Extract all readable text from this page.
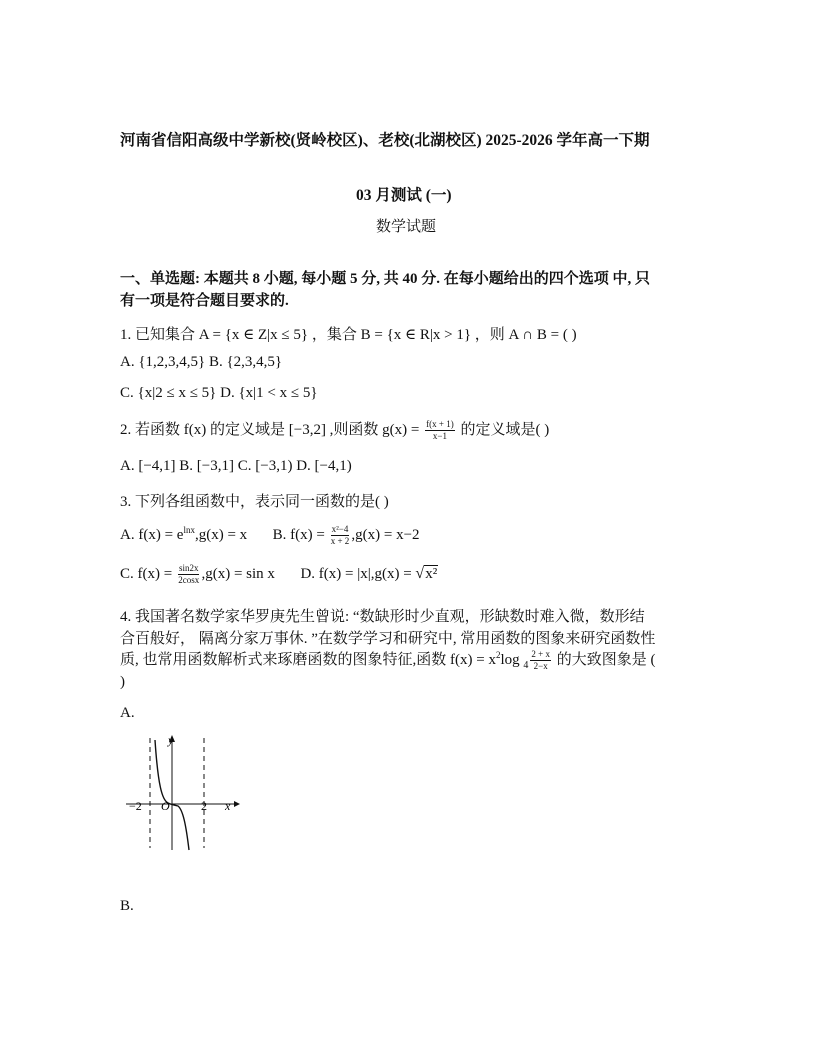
河南省信阳高级中学新校(贤岭校区)、老校(北湖校区) 2025-2026 学年高一下期
03 月测试 (一)
数学试题
一、单选题: 本题共 8 小题, 每小题 5 分, 共 40 分. 在每小题给出的四个选项 中, 只
有一项是符合题目要求的.
1. 已知集合 A = {x ∈ Z|x ≤ 5} ，集合 B = {x ∈ R|x > 1} ，则 A ∩ B = ( )
A. {1,2,3,4,5} B. {2,3,4,5}
C. {x|2 ≤ x ≤ 5} D. {x|1 < x ≤ 5}
2. 若函数 f(x) 的定义域是 [−3,2] ,则函数 $g(x) = \frac{f(x + 1)}{x-1}$ 的定义域是( )
A. [−4,1] B. [−3,1] C. [−3,1) D. [−4,1)
3. 下列各组函数中，表示同一函数的是( )
A. $f(x) = e^{lnx},g(x) = x$ B. $f(x) = \frac{\text{x²−4}}{x + 2} ,g(x) = x-2$
C. $f(x) = \frac{\sin 2x}{2\cos x} ,g(x) = \sin x$ D. f(x) = |x|,g(x) = √x²
4. 我国著名数学家华罗庚先生曾说: “数缺形时少直观，形缺数时难入微，数形结
合百般好， 隔离分家万事休. ”在数学学习和研究中, 常用函数的图象来研究函数性
质, 也常用函数解析式来琢磨函数的图象特征,函数 $f(x) = x^2\log$ $_4 \frac{2 + x}{2-x}$ 的大致图象是 (
)
A.
y
x
O
−2	2
B.
